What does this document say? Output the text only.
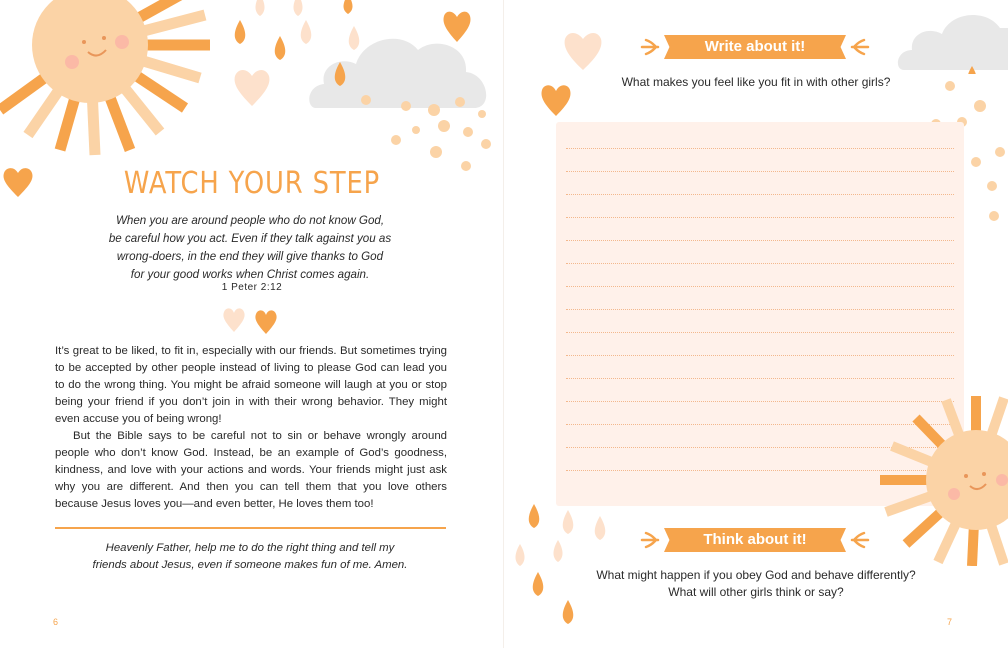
WATCH YOUR STEP
When you are around people who do not know God,
be careful how you act. Even if they talk against you as
wrong-doers, in the end they will give thanks to God
for your good works when Christ comes again.
1 Peter 2:12

It’s great to be liked, to fit in, especially with our friends. But sometimes trying to be accepted by other people instead of living to please God can lead you to do the wrong thing. You might be afraid someone will laugh at you or stop being your friend if you don’t join in with their wrong behavior. They might even accuse you of being wrong!

But the Bible says to be careful not to sin or behave wrongly around people who don’t know God. Instead, be an example of God’s goodness, kindness, and love with your actions and words. Your friends might just ask why you are different. And then you can tell them that you love others because Jesus loves you—and even better, He loves them too!

Heavenly Father, help me to do the right thing and tell my
friends about Jesus, even if someone makes fun of me. Amen.
6
Write about it!
What makes you feel like you fit in with other girls?
Think about it!
What might happen if you obey God and behave differently?
What will other girls think or say?
7
